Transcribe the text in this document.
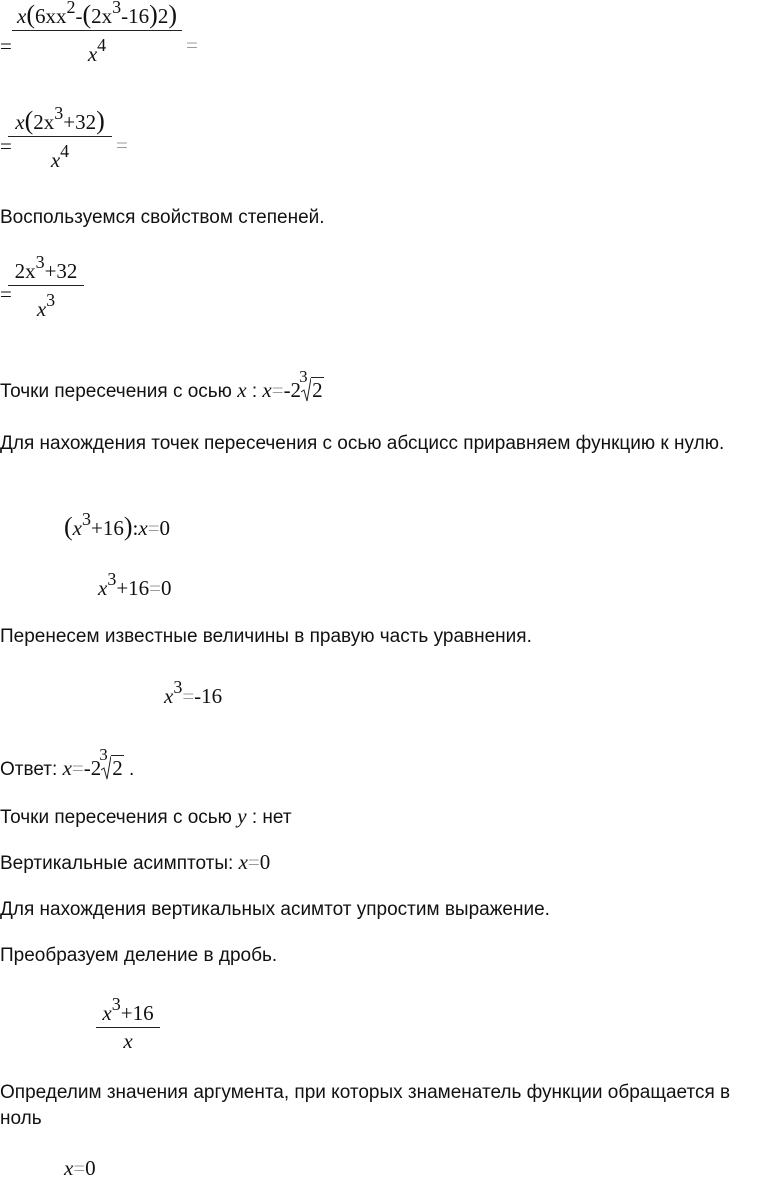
=
x(6xx2-(2x3-16)2)
x4	=
=
x(2x3+32)
x4	=
Воспользуемся свойством степеней.
=
2x3+32
x3
Точки пересечения с осью x : x=-2
3
2
Для нахождения точек пересечения с осью абсцисс приравняем функцию к нулю.
(x3+16):x=0
x3+16=0
Перенесем известные величины в правую часть уравнения.
x3=-16
Ответ: x=-2
3
2 .
Точки пересечения с осью y : нет
Вертикальные асимптоты: x=0
Для нахождения вертикальных асимтот упростим выражение.
Преобразуем деление в дробь.
x3+16
x
Определим значения аргумента, при которых знаменатель функции обращается в ноль
x=0
